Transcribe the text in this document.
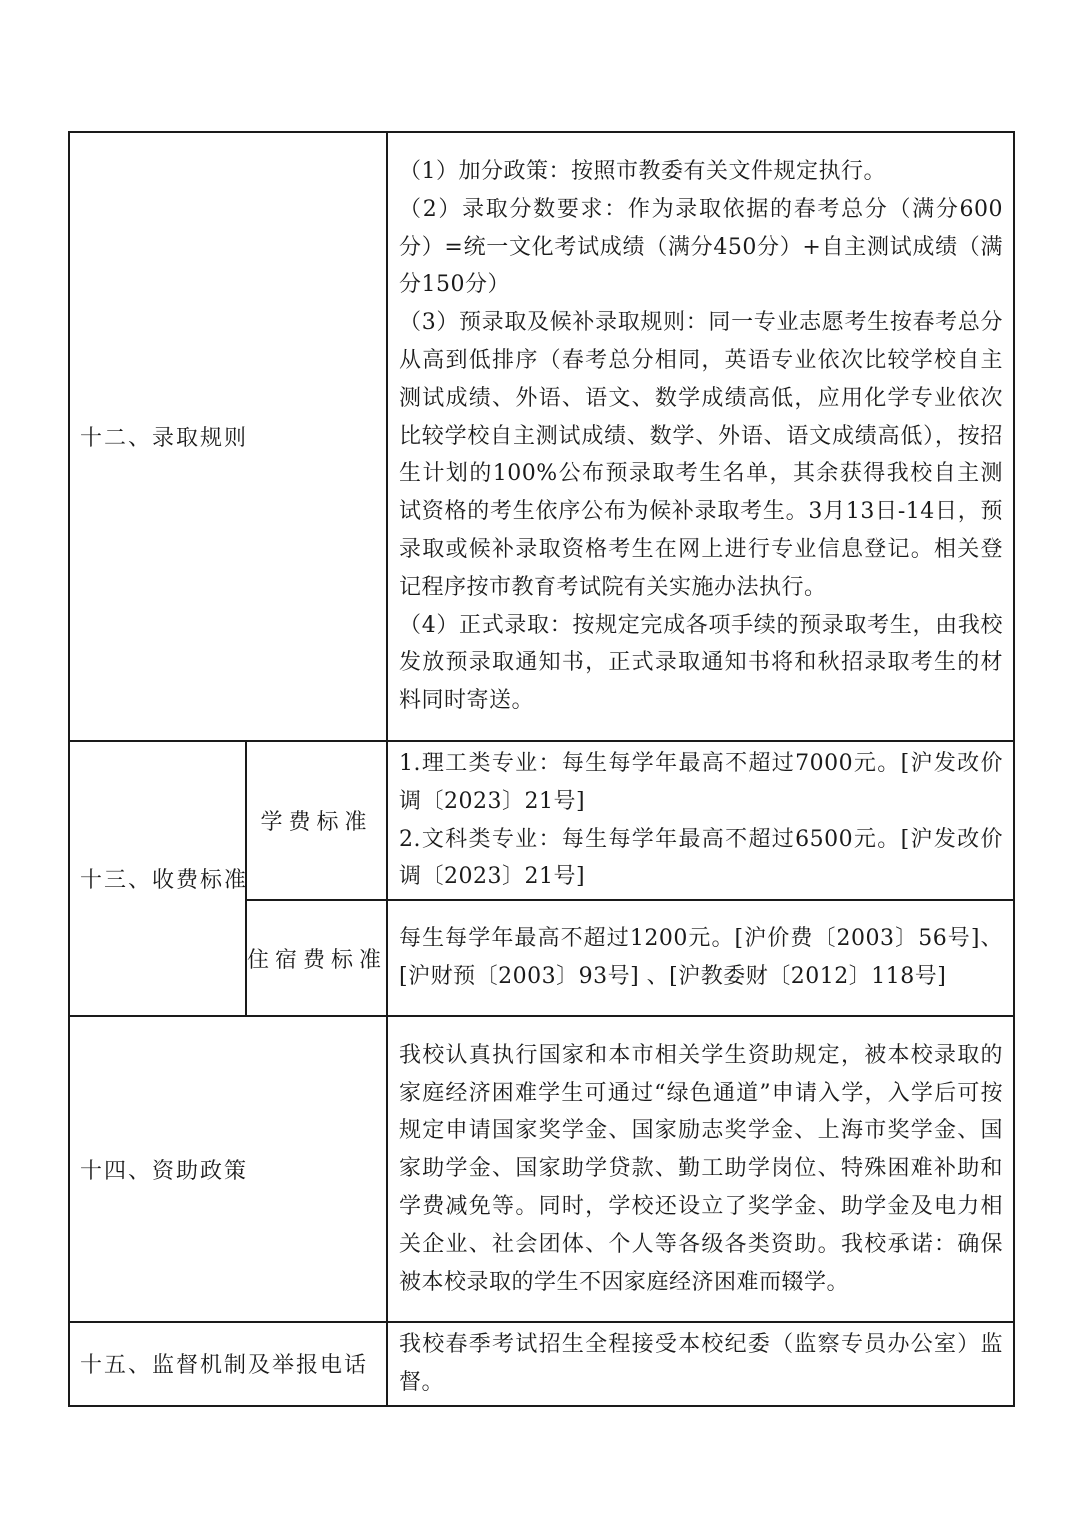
十二、录取规则		（1）加分政策：按照市教委有关文件规定执行。

（2）录取分数要求：作为录取依据的春考总分（满分600分）=统一文化考试成绩（满分450分）+自主测试成绩（满分150分）

（3）预录取及候补录取规则：同一专业志愿考生按春考总分从高到低排序（春考总分相同，英语专业依次比较学校自主测试成绩、外语、语文、数学成绩高低，应用化学专业依次比较学校自主测试成绩、数学、外语、语文成绩高低），按招生计划的100%公布预录取考生名单，其余获得我校自主测试资格的考生依序公布为候补录取考生。3月13日-14日，预录取或候补录取资格考生在网上进行专业信息登记。相关登记程序按市教育考试院有关实施办法执行。

（4）正式录取：按规定完成各项手续的预录取考生，由我校发放预录取通知书，正式录取通知书将和秋招录取考生的材料同时寄送。

十三、收费标准	学费标准	1.理工类专业：每生每学年最高不超过7000元。[沪发改价调〔2023〕21号]

2.文科类专业：每生每学年最高不超过6500元。[沪发改价调〔2023〕21号]

	住宿费标准	每生每学年最高不超过1200元。[沪价费〔2003〕56号]、[沪财预〔2003〕93号] 、[沪教委财〔2012〕118号]

十四、资助政策		我校认真执行国家和本市相关学生资助规定，被本校录取的家庭经济困难学生可通过“绿色通道”申请入学，入学后可按规定申请国家奖学金、国家励志奖学金、上海市奖学金、国家助学金、国家助学贷款、勤工助学岗位、特殊困难补助和学费减免等。同时，学校还设立了奖学金、助学金及电力相关企业、社会团体、个人等各级各类资助。我校承诺：确保被本校录取的学生不因家庭经济困难而辍学。

十五、监督机制及举报电话		我校春季考试招生全程接受本校纪委（监察专员办公室）监督。
